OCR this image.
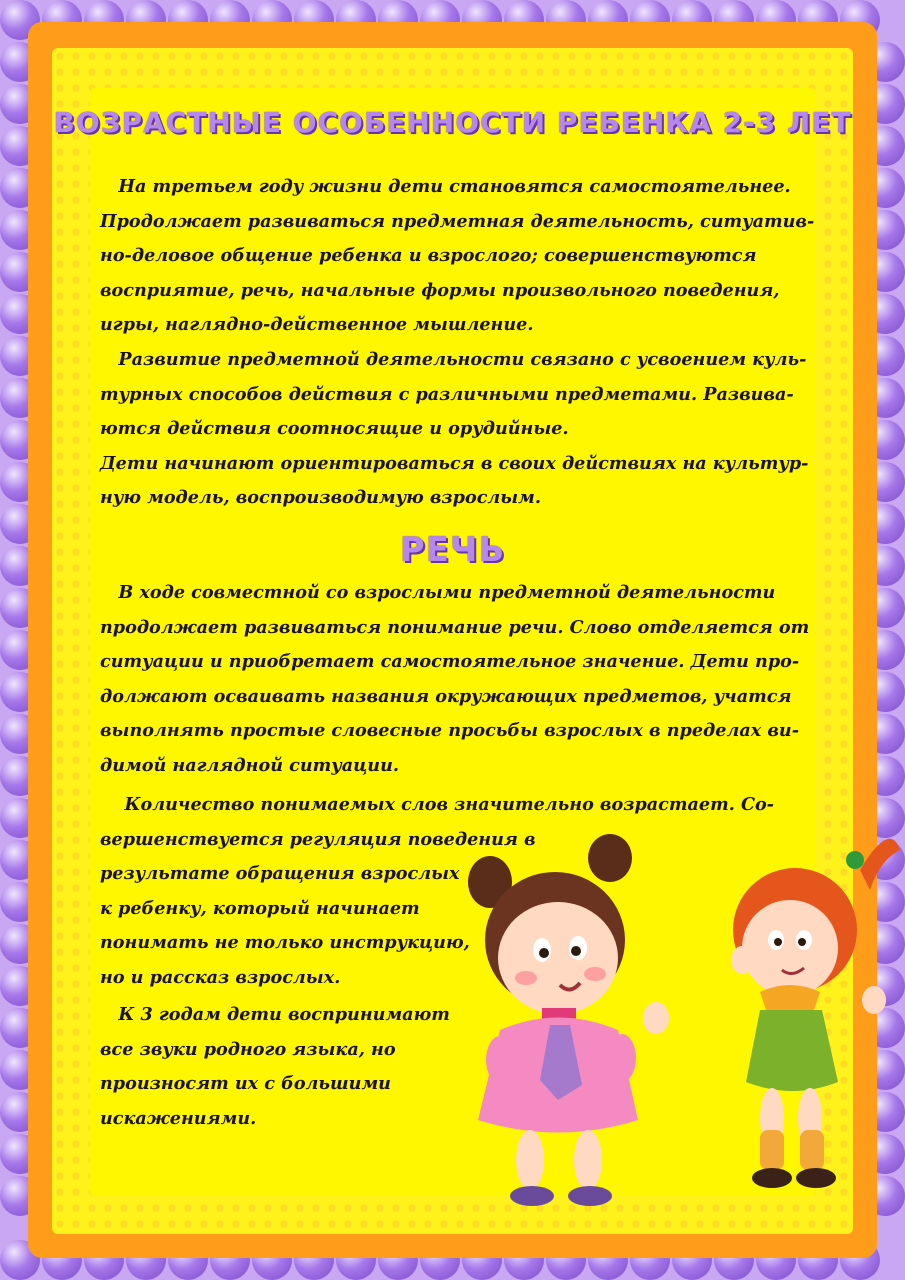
ВОЗРАСТНЫЕ ОСОБЕННОСТИ РЕБЕНКА 2-3 ЛЕТ

На третьем году жизни дети становятся самостоятельнее.
Продолжает развиваться предметная деятельность, ситуатив-
но-деловое общение ребенка и взрослого; совершенствуются
восприятие, речь, начальные формы произвольного поведения,
игры, наглядно-действенное мышление.

Развитие предметной деятельности связано с усвоением куль-
турных способов действия с различными предметами. Развива-
ются действия соотносящие и орудийные.
Дети начинают ориентироваться в своих действиях на культур-
ную модель, воспроизводимую взрослым.

РЕЧЬ

В ходе совместной со взрослыми предметной деятельности
продолжает развиваться понимание речи. Слово отделяется от
ситуации и приобретает самостоятельное значение. Дети про-
должают осваивать названия окружающих предметов, учатся
выполнять простые словесные просьбы взрослых в пределах ви-
димой наглядной ситуации.

Количество понимаемых слов значительно возрастает. Со-
вершенствуется регуляция поведения в
результате обращения взрослых
к ребенку, который начинает
понимать не только инструкцию,
но и рассказ взрослых.

К 3 годам дети воспринимают
все звуки родного языка, но
произносят их с большими
искажениями.
